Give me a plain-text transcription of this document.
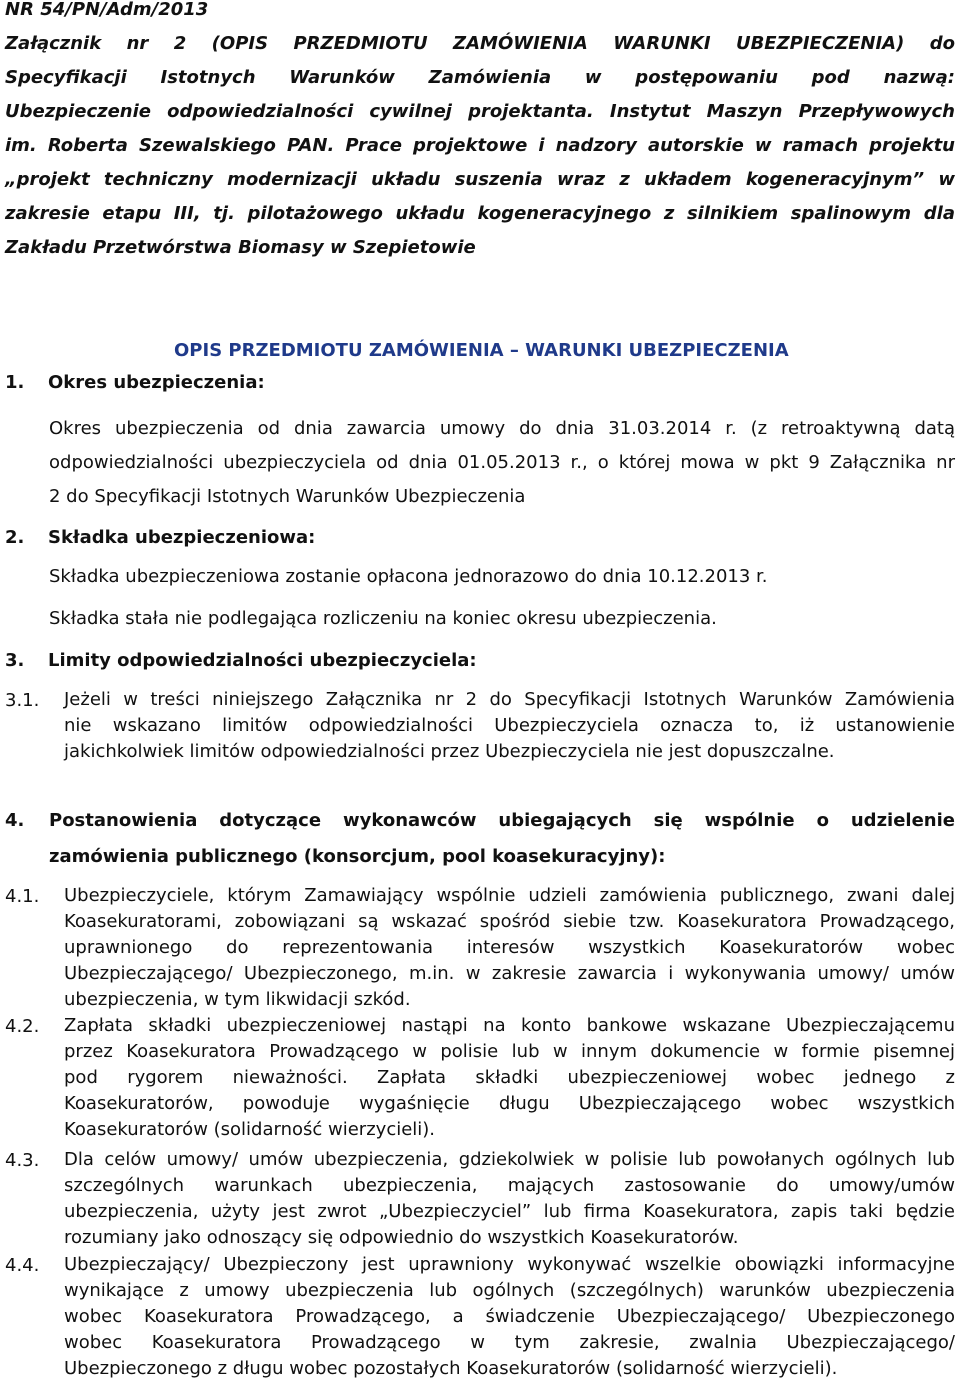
NR 54/PN/Adm/2013
Załącznik nr 2 (OPIS PRZEDMIOTU ZAMÓWIENIA WARUNKI UBEZPIECZENIA) do
Specyfikacji Istotnych Warunków Zamówienia w postępowaniu pod nazwą:
Ubezpieczenie odpowiedzialności cywilnej projektanta. Instytut Maszyn Przepływowych
im. Roberta Szewalskiego PAN. Prace projektowe i nadzory autorskie w ramach projektu
„projekt techniczny modernizacji układu suszenia wraz z układem kogeneracyjnym” w
zakresie etapu III, tj. pilotażowego układu kogeneracyjnego z silnikiem spalinowym dla
Zakładu Przetwórstwa Biomasy w Szepietowie
OPIS PRZEDMIOTU ZAMÓWIENIA – WARUNKI UBEZPIECZENIA
1. Okres ubezpieczenia:
Okres ubezpieczenia od dnia zawarcia umowy do dnia 31.03.2014 r. (z retroaktywną datą
odpowiedzialności ubezpieczyciela od dnia 01.05.2013 r., o której mowa w pkt 9 Załącznika nr
2 do Specyfikacji Istotnych Warunków Ubezpieczenia
2. Składka ubezpieczeniowa:
Składka ubezpieczeniowa zostanie opłacona jednorazowo do dnia 10.12.2013 r.
Składka stała nie podlegająca rozliczeniu na koniec okresu ubezpieczenia.
3. Limity odpowiedzialności ubezpieczyciela:
3.1. Jeżeli w treści niniejszego Załącznika nr 2 do Specyfikacji Istotnych Warunków Zamówienia
nie wskazano limitów odpowiedzialności Ubezpieczyciela oznacza to, iż ustanowienie
jakichkolwiek limitów odpowiedzialności przez Ubezpieczyciela nie jest dopuszczalne.
4.	Postanowienia dotyczące wykonawców ubiegających się wspólnie o udzielenie
zamówienia publicznego (konsorcjum, pool koasekuracyjny):
4.1. Ubezpieczyciele, którym Zamawiający wspólnie udzieli zamówienia publicznego, zwani dalej
Koasekuratorami, zobowiązani są wskazać spośród siebie tzw. Koasekuratora Prowadzącego,
uprawnionego do reprezentowania interesów wszystkich Koasekuratorów wobec
Ubezpieczającego/ Ubezpieczonego, m.in. w zakresie zawarcia i wykonywania umowy/ umów
ubezpieczenia, w tym likwidacji szkód.
4.2. Zapłata składki ubezpieczeniowej nastąpi na konto bankowe wskazane Ubezpieczającemu
przez Koasekuratora Prowadzącego w polisie lub w innym dokumencie w formie pisemnej
pod rygorem nieważności. Zapłata składki ubezpieczeniowej wobec jednego z
Koasekuratorów, powoduje wygaśnięcie długu Ubezpieczającego wobec wszystkich
Koasekuratorów (solidarność wierzycieli).
4.3. Dla celów umowy/ umów ubezpieczenia, gdziekolwiek w polisie lub powołanych ogólnych lub
szczególnych warunkach ubezpieczenia, mających zastosowanie do umowy/umów
ubezpieczenia, użyty jest zwrot „Ubezpieczyciel” lub firma Koasekuratora, zapis taki będzie
rozumiany jako odnoszący się odpowiednio do wszystkich Koasekuratorów.
4.4. Ubezpieczający/ Ubezpieczony jest uprawniony wykonywać wszelkie obowiązki informacyjne
wynikające z umowy ubezpieczenia lub ogólnych (szczególnych) warunków ubezpieczenia
wobec Koasekuratora Prowadzącego, a świadczenie Ubezpieczającego/ Ubezpieczonego
wobec Koasekuratora Prowadzącego w tym zakresie, zwalnia Ubezpieczającego/
Ubezpieczonego z długu wobec pozostałych Koasekuratorów (solidarność wierzycieli).
